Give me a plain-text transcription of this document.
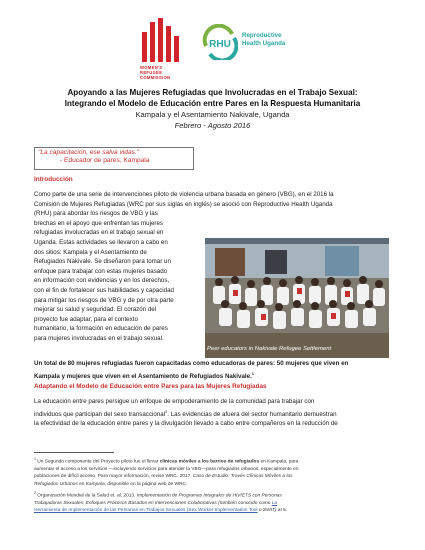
WOMEN'S
REFUGEE
COMMISSION
RHU
Reproductive
Health Uganda
Apoyando a las Mujeres Refugiadas que Involucradas en el Trabajo Sexual:
Integrando el Modelo de Educación entre Pares en la Respuesta Humanitaria
Kampala y el Asentamiento Nakivale, Uganda
Febrero - Agosto 2016
"La capacitación, ese salva vidas."
- Educador de pares, Kampala
Introducción
Como parte de una serie de intervenciones piloto de violencia urbana basada en género (VBG), en el 2016 la
Comisión de Mujeres Refugiadas (WRC por sus siglas en inglés) se asoció con Reproductive Health Uganda
(RHU) para abordar los riesgos de VBG y las
brechas en el apoyo que enfrentan las mujeres
refugiadas involucradas en el trabajo sexual en
Uganda. Estas actividades se llevaron a cabo en
dos sitios: Kampala y el Asentamiento de
Refugiados Nakivale. Se diseñaron para tomar un
enfoque para trabajar con estas mujeres basado
en información con evidencias y en los derechos,
con el fin de fortalecer sus habilidades y capacidad
para mitigar los riesgos de VBG y de por otra parte
mejorar su salud y seguridad. El corazón del
proyecto fue adaptar, para el contexto
humanitario, la formación en educación de pares
para mujeres involucradas en el trabajo sexual.
Peer educators in Nakivale Refugee Settlement
Un total de 80 mujeres refugiadas fueron capacitadas como educadoras de pares: 50 mujeres que viven en
Kampala y mujeres que viven en el Asentamiento de Refugiados Nakivale.$^1$
Adaptando el Modelo de Educación entre Pares para las Mujeres Refugiadas
La educación entre pares persigue un enfoque de empoderamiento de la comunidad para trabajar con
individuos que participan del sexo transaccional$^2$. Las evidencias de afuera del sector humanitario demuestran
la efectividad de la educación entre pares y la divulgación llevado a cabo entre compañeros en la reducción de
$^1$ Un Segundo componente del Proyecto piloto fue el llevar clínicas móviles a los barrios de refugiados en Kampala, para
aumentar el acceso a los servicios —incluyendo servicios para atender la VBG—para refugiados urbanos, especialmente en
poblaciones de difícil acceso. Para mayor información, revise WRC. 2017. Caso de Estudio: Través Clínicas Móviles a los
Refugiados Urbanos en Kampala, disponible en la página web de WRC.
$^2$ Organización Mundial de la Salud et. al. 2013. Implementación de Programas Integrales de HIV/ETS con Personas
Trabajadoras Sexuales: Enfoques Prácticos Basados en Intervenciones Colaborativas (también conocido como La
Herramienta de Implementación de las Personas en Trabajos Sexuales (Sex Worker Implementation Tool o SWIT) at 5.
